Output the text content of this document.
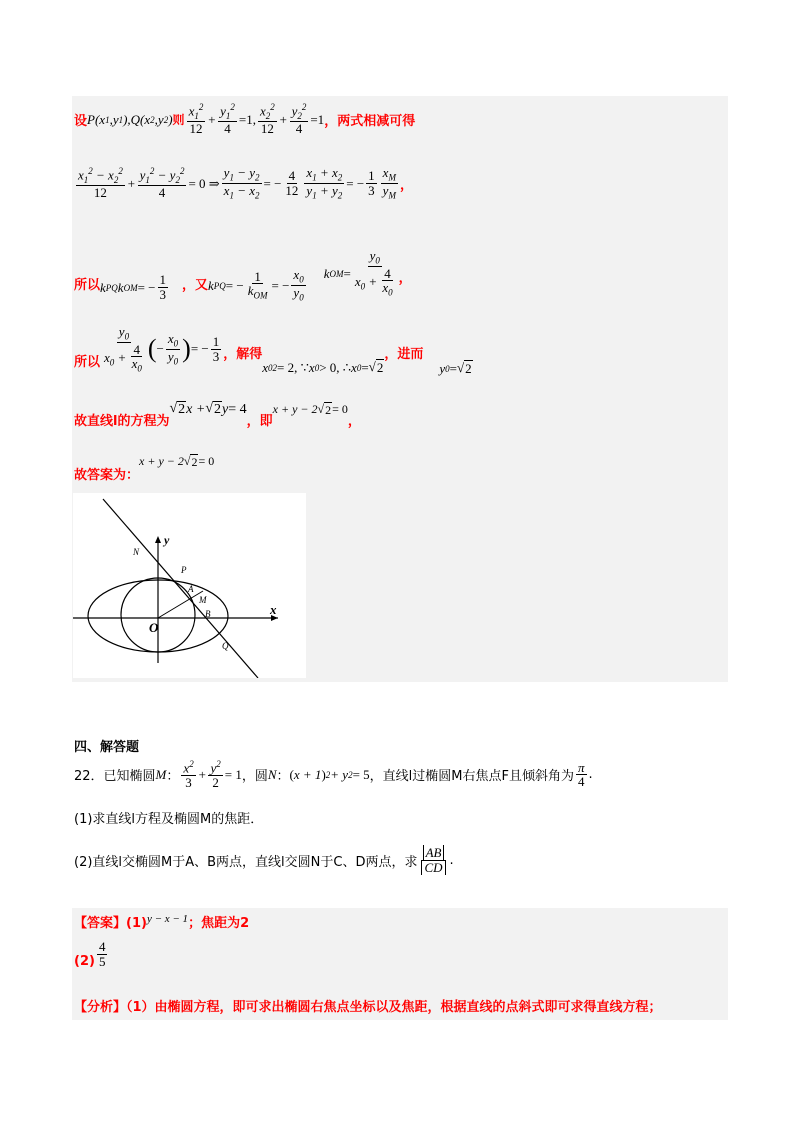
设 P(x 1 ,y 1 ),Q(x 2 ,y 2 ) 则 $\frac{x_1^2}{12} + \frac{y_1^2}{4} =1$, $\frac{x_2^2}{12} + \frac{y_2^2}{4} =1$ ，两式相减可得
$\frac{x_1^2 - x_2^2}{12} + \frac{y_1^2 - y_2^2}{4} = 0$ ⇒ $\frac{y_1 - y_2}{x_1 - x_2}$ = − $\frac{4}{12} \frac{x_1 + x_2}{y_1 + y_2}$ = − $\frac{1}{3} \frac{x_M}{y_M}$ ，
所以 k PQ k OM = − $\frac{1}{3}$ ，又 k PQ = − $\frac{1}{k_{OM}}$ = − $\frac{x_0}{y_0}$ k OM = $\frac{y_0}{x_0 + \frac{4}{x_0}}$ ，
所以 $\frac{y_0}{x_0 + \frac{4}{x_0}}$ ( − $\frac{x_0}{y_0}$ ) = − $\frac{1}{3}$ ，解得
x 0 2 = 2, ∵ x 0 > 0, ∴ x 0 = √ 2
，进而
y 0 = √ 2
故直线l的方程为
√ 2 x + √ 2 y = 4
，即
x + y − 2 √ 2 = 0
，
故答案为：
x + y − 2 √ 2 = 0
y
x
O
N
P
A
M
B
Q
四、解答题
22．已知椭圆 M ： $\frac{x^2}{3} + \frac{y^2}{2} = 1$ ，圆 N ： ( x + 1 ) 2 + y 2 = 5 ，直线l过椭圆M右焦点F且倾斜角为 $\frac{\pi}{4}$ .
(1)求直线l方程及椭圆M的焦距．
(2)直线l交椭圆M于A、B两点，直线l交圆N于C、D两点，求 $\frac{AB}{CD}$ .
【答案】(1) y − x − 1 ；焦距为2
$(2) \frac{4}{5}$
【分析】（1）由椭圆方程，即可求出椭圆右焦点坐标以及焦距，根据直线的点斜式即可求得直线方程；
